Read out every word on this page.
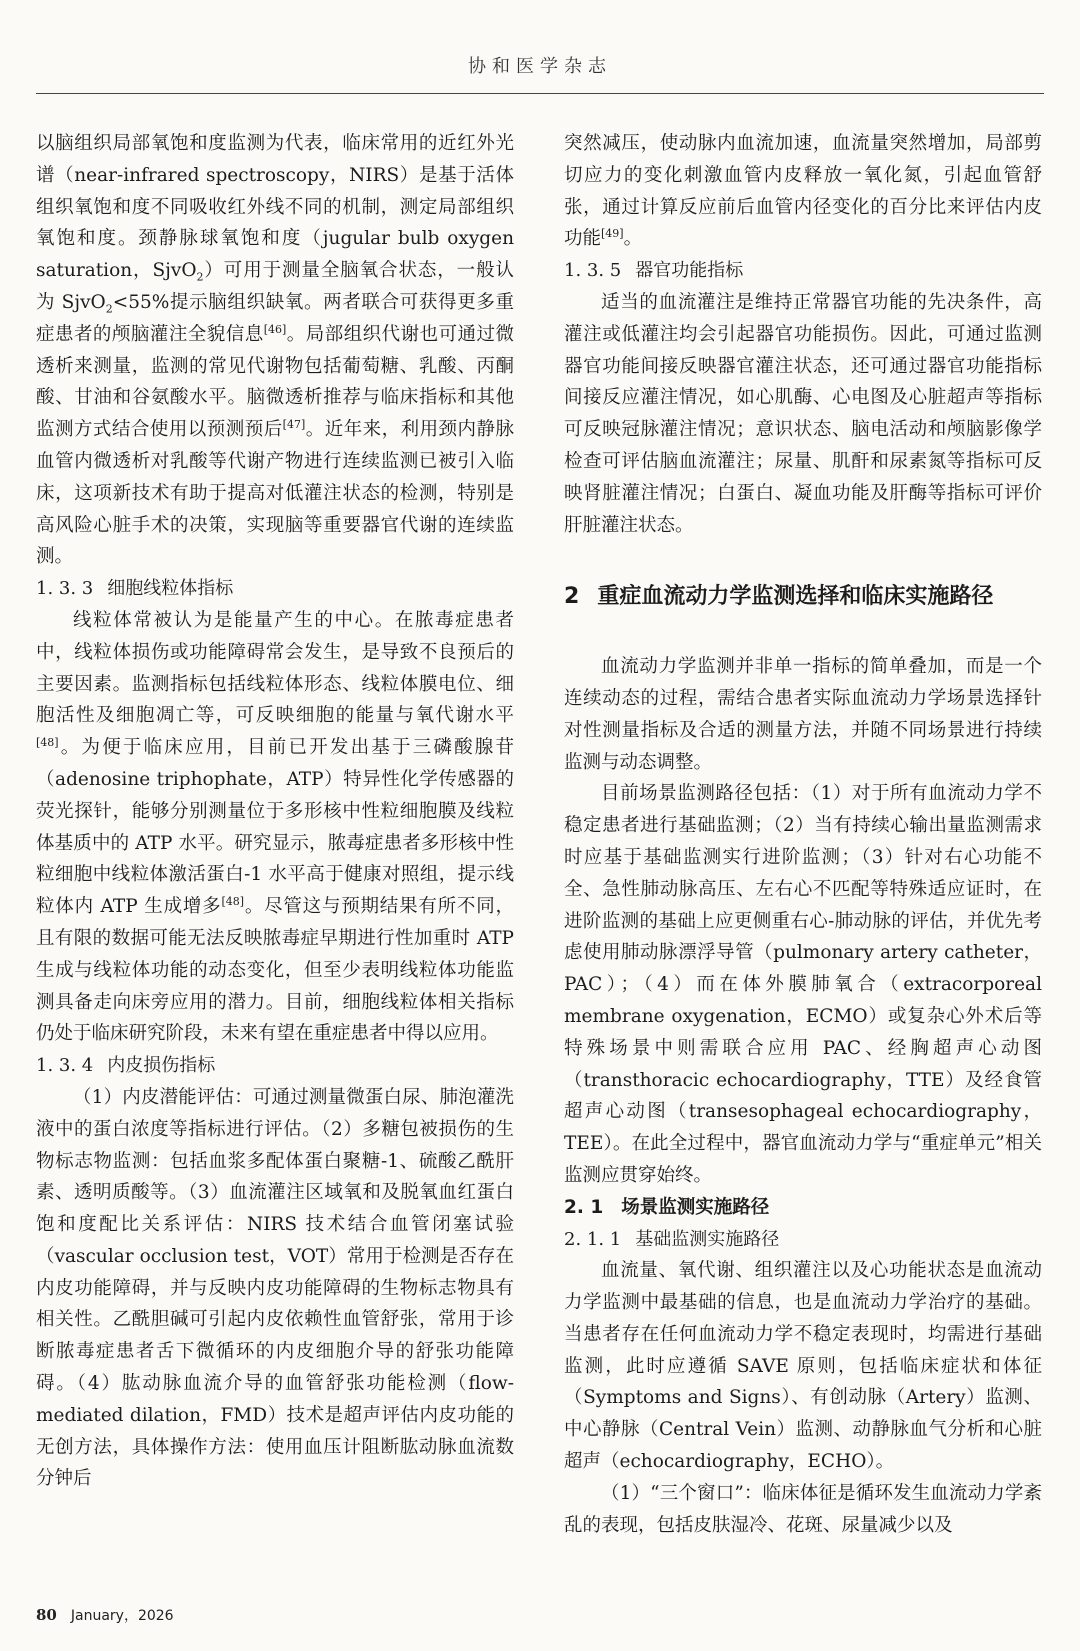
协和医学杂志

以脑组织局部氧饱和度监测为代表，临床常用的近红外光谱（near-infrared spectroscopy，NIRS）是基于活体组织氧饱和度不同吸收红外线不同的机制，测定局部组织氧饱和度。颈静脉球氧饱和度（jugular bulb oxygen saturation，SjvO$_2$）可用于测量全脑氧合状态，一般认为 SjvO$_2$<55%提示脑组织缺氧。两者联合可获得更多重症患者的颅脑灌注全貌信息[46]。局部组织代谢也可通过微透析来测量，监测的常见代谢物包括葡萄糖、乳酸、丙酮酸、甘油和谷氨酸水平。脑微透析推荐与临床指标和其他监测方式结合使用以预测预后[47]。近年来，利用颈内静脉血管内微透析对乳酸等代谢产物进行连续监测已被引入临床，这项新技术有助于提高对低灌注状态的检测，特别是高风险心脏手术的决策，实现脑等重要器官代谢的连续监测。

1. 3. 3 细胞线粒体指标

线粒体常被认为是能量产生的中心。在脓毒症患者中，线粒体损伤或功能障碍常会发生，是导致不良预后的主要因素。监测指标包括线粒体形态、线粒体膜电位、细胞活性及细胞凋亡等，可反映细胞的能量与氧代谢水平[48]。为便于临床应用，目前已开发出基于三磷酸腺苷（adenosine triphophate，ATP）特异性化学传感器的荧光探针，能够分别测量位于多形核中性粒细胞膜及线粒体基质中的 ATP 水平。研究显示，脓毒症患者多形核中性粒细胞中线粒体激活蛋白-1 水平高于健康对照组，提示线粒体内 ATP 生成增多[48]。尽管这与预期结果有所不同，且有限的数据可能无法反映脓毒症早期进行性加重时 ATP 生成与线粒体功能的动态变化，但至少表明线粒体功能监测具备走向床旁应用的潜力。目前，细胞线粒体相关指标仍处于临床研究阶段，未来有望在重症患者中得以应用。

1. 3. 4 内皮损伤指标

（1）内皮潜能评估：可通过测量微蛋白尿、肺泡灌洗液中的蛋白浓度等指标进行评估。（2）多糖包被损伤的生物标志物监测：包括血浆多配体蛋白聚糖-1、硫酸乙酰肝素、透明质酸等。（3）血流灌注区域氧和及脱氧血红蛋白饱和度配比关系评估：NIRS 技术结合血管闭塞试验（vascular occlusion test，VOT）常用于检测是否存在内皮功能障碍，并与反映内皮功能障碍的生物标志物具有相关性。乙酰胆碱可引起内皮依赖性血管舒张，常用于诊断脓毒症患者舌下微循环的内皮细胞介导的舒张功能障碍。（4）肱动脉血流介导的血管舒张功能检测（flow-mediated dilation，FMD）技术是超声评估内皮功能的无创方法，具体操作方法：使用血压计阻断肱动脉血流数分钟后

突然减压，使动脉内血流加速，血流量突然增加，局部剪切应力的变化刺激血管内皮释放一氧化氮，引起血管舒张，通过计算反应前后血管内径变化的百分比来评估内皮功能[49]。

1. 3. 5 器官功能指标

适当的血流灌注是维持正常器官功能的先决条件，高灌注或低灌注均会引起器官功能损伤。因此，可通过监测器官功能间接反映器官灌注状态，还可通过器官功能指标间接反应灌注情况，如心肌酶、心电图及心脏超声等指标可反映冠脉灌注情况；意识状态、脑电活动和颅脑影像学检查可评估脑血流灌注；尿量、肌酐和尿素氮等指标可反映肾脏灌注情况；白蛋白、凝血功能及肝酶等指标可评价肝脏灌注状态。

2 重症血流动力学监测选择和临床实施路径

血流动力学监测并非单一指标的简单叠加，而是一个连续动态的过程，需结合患者实际血流动力学场景选择针对性测量指标及合适的测量方法，并随不同场景进行持续监测与动态调整。

目前场景监测路径包括：（1）对于所有血流动力学不稳定患者进行基础监测；（2）当有持续心输出量监测需求时应基于基础监测实行进阶监测；（3）针对右心功能不全、急性肺动脉高压、左右心不匹配等特殊适应证时，在进阶监测的基础上应更侧重右心-肺动脉的评估，并优先考虑使用肺动脉漂浮导管（pulmonary artery catheter，PAC）；（4）而在体外膜肺氧合（extracorporeal membrane oxygenation，ECMO）或复杂心外术后等特殊场景中则需联合应用 PAC、经胸超声心动图（transthoracic echocardiography，TTE）及经食管超声心动图（transesophageal echocardiography，TEE）。在此全过程中，器官血流动力学与“重症单元”相关监测应贯穿始终。

2. 1 场景监测实施路径
2. 1. 1 基础监测实施路径

血流量、氧代谢、组织灌注以及心功能状态是血流动力学监测中最基础的信息，也是血流动力学治疗的基础。当患者存在任何血流动力学不稳定表现时，均需进行基础监测，此时应遵循 SAVE 原则，包括临床症状和体征（Symptoms and Signs）、有创动脉（Artery）监测、中心静脉（Central Vein）监测、动静脉血气分析和心脏超声（echocardiography，ECHO）。

（1）“三个窗口”：临床体征是循环发生血流动力学紊乱的表现，包括皮肤湿冷、花斑、尿量减少以及

80 January，2026
